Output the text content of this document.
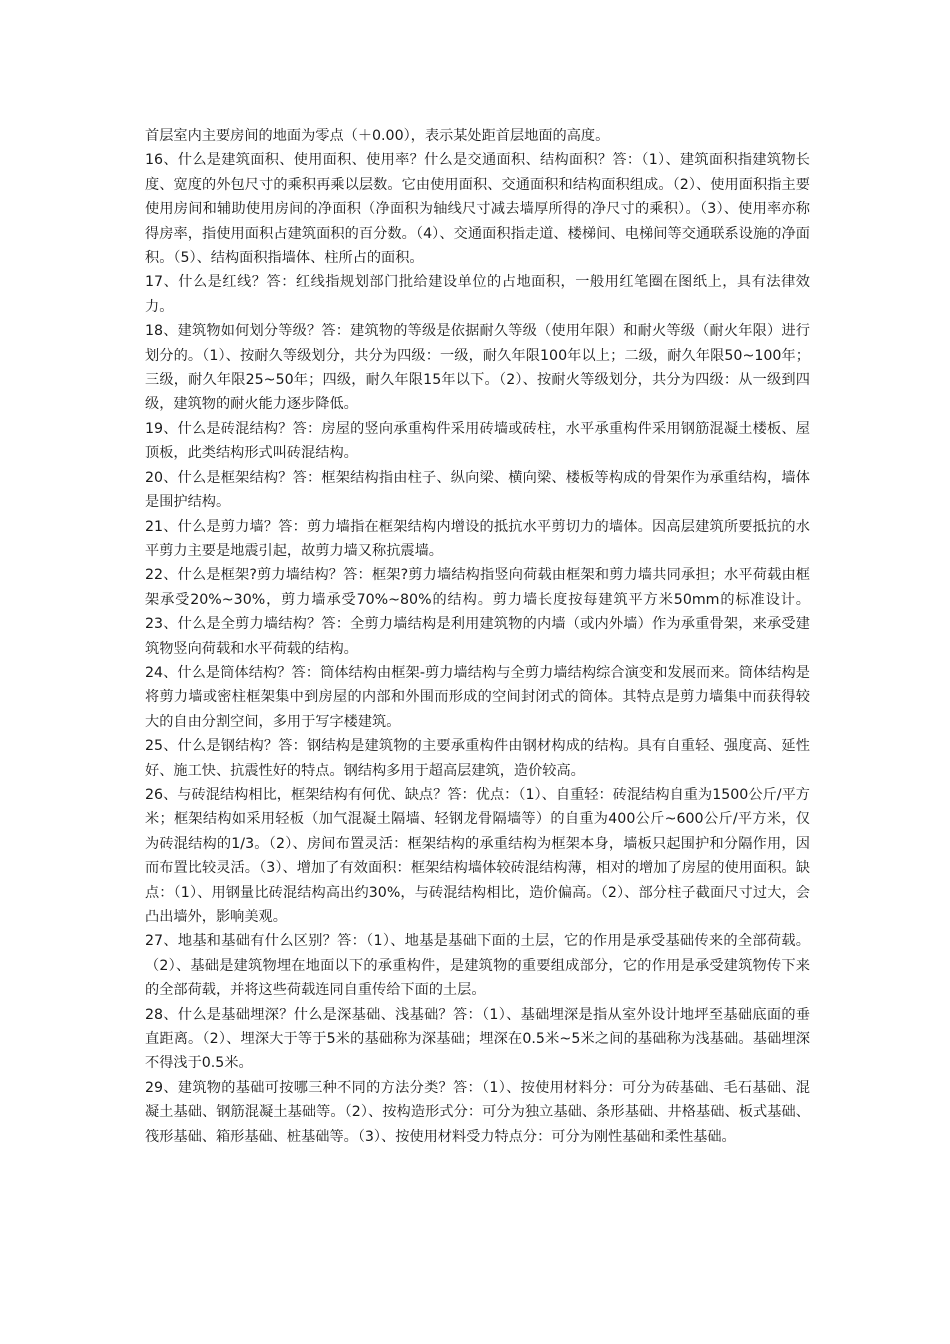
首层室内主要房间的地面为零点（＋0.00），表示某处距首层地面的高度。

16、什么是建筑面积、使用面积、使用率？什么是交通面积、结构面积？答：（1）、建筑面积指建筑物长度、宽度的外包尺寸的乘积再乘以层数。它由使用面积、交通面积和结构面积组成。（2）、使用面积指主要使用房间和辅助使用房间的净面积（净面积为轴线尺寸减去墙厚所得的净尺寸的乘积）。（3）、使用率亦称得房率，指使用面积占建筑面积的百分数。（4）、交通面积指走道、楼梯间、电梯间等交通联系设施的净面积。（5）、结构面积指墙体、柱所占的面积。

17、什么是红线？答：红线指规划部门批给建设单位的占地面积，一般用红笔圈在图纸上，具有法律效力。

18、建筑物如何划分等级？答：建筑物的等级是依据耐久等级（使用年限）和耐火等级（耐火年限）进行划分的。（1）、按耐久等级划分，共分为四级：一级，耐久年限100年以上；二级，耐久年限50~100年；三级，耐久年限25~50年；四级，耐久年限15年以下。（2）、按耐火等级划分，共分为四级：从一级到四级，建筑物的耐火能力逐步降低。

19、什么是砖混结构？答：房屋的竖向承重构件采用砖墙或砖柱，水平承重构件采用钢筋混凝土楼板、屋顶板，此类结构形式叫砖混结构。

20、什么是框架结构？答：框架结构指由柱子、纵向梁、横向梁、楼板等构成的骨架作为承重结构，墙体是围护结构。

21、什么是剪力墙？答：剪力墙指在框架结构内增设的抵抗水平剪切力的墙体。因高层建筑所要抵抗的水平剪力主要是地震引起，故剪力墙又称抗震墙。

22、什么是框架?剪力墙结构？答：框架?剪力墙结构指竖向荷载由框架和剪力墙共同承担；水平荷载由框架承受20%~30%，剪力墙承受70%~80%的结构。剪力墙长度按每建筑平方米50mm的标准设计。23、什么是全剪力墙结构？答：全剪力墙结构是利用建筑物的内墙（或内外墙）作为承重骨架，来承受建筑物竖向荷载和水平荷载的结构。

24、什么是筒体结构？答：筒体结构由框架-剪力墙结构与全剪力墙结构综合演变和发展而来。筒体结构是将剪力墙或密柱框架集中到房屋的内部和外围而形成的空间封闭式的筒体。其特点是剪力墙集中而获得较大的自由分割空间，多用于写字楼建筑。

25、什么是钢结构？答：钢结构是建筑物的主要承重构件由钢材构成的结构。具有自重轻、强度高、延性好、施工快、抗震性好的特点。钢结构多用于超高层建筑，造价较高。

26、与砖混结构相比，框架结构有何优、缺点？答：优点：（1）、自重轻：砖混结构自重为1500公斤/平方米；框架结构如采用轻板（加气混凝土隔墙、轻钢龙骨隔墙等）的自重为400公斤~600公斤/平方米，仅为砖混结构的1/3。（2）、房间布置灵活：框架结构的承重结构为框架本身，墙板只起围护和分隔作用，因而布置比较灵活。（3）、增加了有效面积：框架结构墙体较砖混结构薄，相对的增加了房屋的使用面积。缺点：（1）、用钢量比砖混结构高出约30%，与砖混结构相比，造价偏高。（2）、部分柱子截面尺寸过大，会凸出墙外，影响美观。

27、地基和基础有什么区别？答：（1）、地基是基础下面的土层，它的作用是承受基础传来的全部荷载。（2）、基础是建筑物埋在地面以下的承重构件，是建筑物的重要组成部分，它的作用是承受建筑物传下来的全部荷载，并将这些荷载连同自重传给下面的土层。

28、什么是基础埋深？什么是深基础、浅基础？答：（1）、基础埋深是指从室外设计地坪至基础底面的垂直距离。（2）、埋深大于等于5米的基础称为深基础；埋深在0.5米~5米之间的基础称为浅基础。基础埋深不得浅于0.5米。

29、建筑物的基础可按哪三种不同的方法分类？答：（1）、按使用材料分：可分为砖基础、毛石基础、混凝土基础、钢筋混凝土基础等。（2）、按构造形式分：可分为独立基础、条形基础、井格基础、板式基础、筏形基础、箱形基础、桩基础等。（3）、按使用材料受力特点分：可分为刚性基础和柔性基础。
